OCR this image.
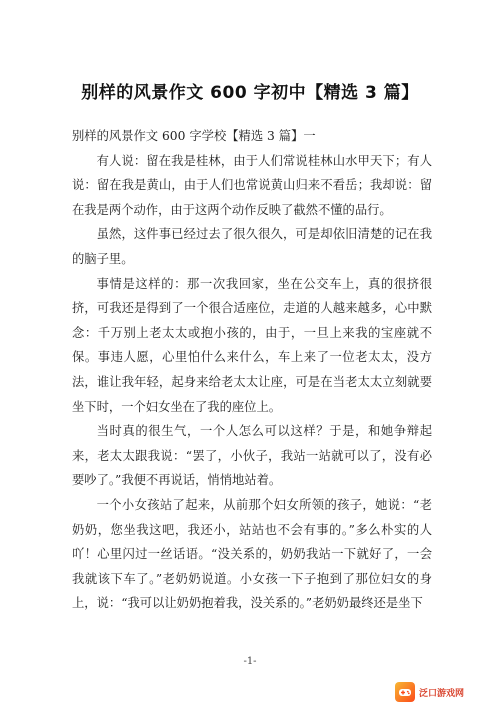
别样的风景作文 600 字初中【精选 3 篇】

别样的风景作文 600 字学校【精选 3 篇】一

有人说：留在我是桂林，由于人们常说桂林山水甲天下；有人说：留在我是黄山，由于人们也常说黄山归来不看岳；我却说：留在我是两个动作，由于这两个动作反映了截然不懂的品行。

虽然，这件事已经过去了很久很久，可是却依旧清楚的记在我的脑子里。

事情是这样的：那一次我回家，坐在公交车上，真的很挤很挤，可我还是得到了一个很合适座位，走道的人越来越多，心中默念：千万别上老太太或抱小孩的，由于，一旦上来我的宝座就不保。事违人愿，心里怕什么来什么，车上来了一位老太太，没方法，谁让我年轻，起身来给老太太让座，可是在当老太太立刻就要坐下时，一个妇女坐在了我的座位上。

当时真的很生气，一个人怎么可以这样？于是，和她争辩起来，老太太跟我说：“罢了，小伙子，我站一站就可以了，没有必要吵了。”我便不再说话，悄悄地站着。

一个小女孩站了起来，从前那个妇女所领的孩子，她说：“老奶奶，您坐我这吧，我还小，站站也不会有事的。”多么朴实的人吖！心里闪过一丝话语。“没关系的，奶奶我站一下就好了，一会我就该下车了。”老奶奶说道。小女孩一下子抱到了那位妇女的身上，说：“我可以让奶奶抱着我，没关系的。”老奶奶最终还是坐下

-1-
泛口游戏网
